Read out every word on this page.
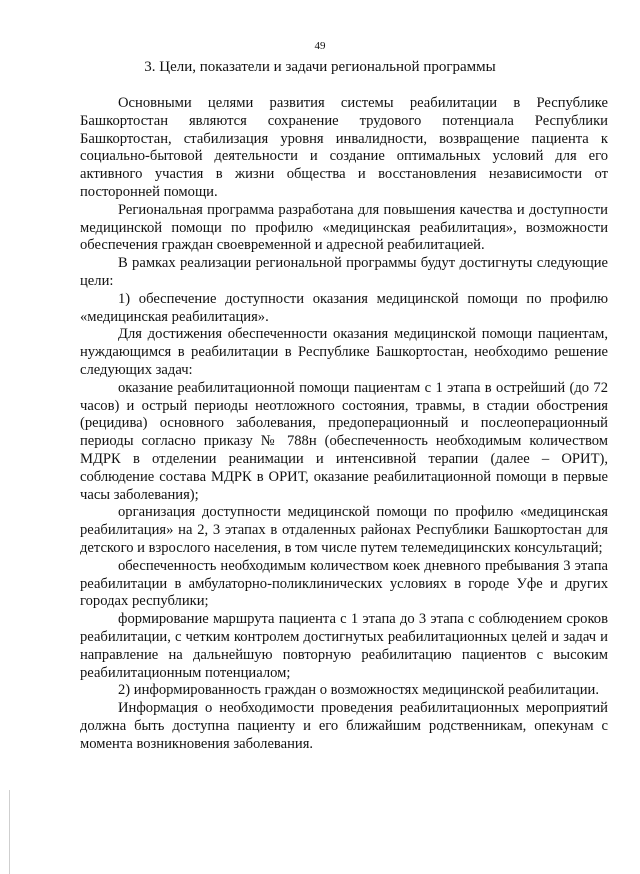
49
3. Цели, показатели и задачи региональной программы

Основными целями развития системы реабилитации в Республике Башкортостан являются сохранение трудового потенциала Республики Башкортостан, стабилизация уровня инвалидности, возвращение пациента к социально-бытовой деятельности и создание оптимальных условий для его активного участия в жизни общества и восстановления независимости от посторонней помощи.

Региональная программа разработана для повышения качества и доступности медицинской помощи по профилю «медицинская реабилитация», возможности обеспечения граждан своевременной и адресной реабилитацией.

В рамках реализации региональной программы будут достигнуты следующие цели:

1) обеспечение доступности оказания медицинской помощи по профилю «медицинская реабилитация».

Для достижения обеспеченности оказания медицинской помощи пациентам, нуждающимся в реабилитации в Республике Башкортостан, необходимо решение следующих задач:

оказание реабилитационной помощи пациентам с 1 этапа в острейший (до 72 часов) и острый периоды неотложного состояния, травмы, в стадии обострения (рецидива) основного заболевания, предоперационный и послеоперационный периоды согласно приказу № 788н (обеспеченность необходимым количеством МДРК в отделении реанимации и интенсивной терапии (далее – ОРИТ), соблюдение состава МДРК в ОРИТ, оказание реабилитационной помощи в первые часы заболевания);

организация доступности медицинской помощи по профилю «медицинская реабилитация» на 2, 3 этапах в отдаленных районах Республики Башкортостан для детского и взрослого населения, в том числе путем телемедицинских консультаций;

обеспеченность необходимым количеством коек дневного пребывания 3 этапа реабилитации в амбулаторно-поликлинических условиях в городе Уфе и других городах республики;

формирование маршрута пациента с 1 этапа до 3 этапа с соблюдением сроков реабилитации, с четким контролем достигнутых реабилитационных целей и задач и направление на дальнейшую повторную реабилитацию пациентов с высоким реабилитационным потенциалом;

2) информированность граждан о возможностях медицинской реабилитации.

Информация о необходимости проведения реабилитационных мероприятий должна быть доступна пациенту и его ближайшим родственникам, опекунам с момента возникновения заболевания.
